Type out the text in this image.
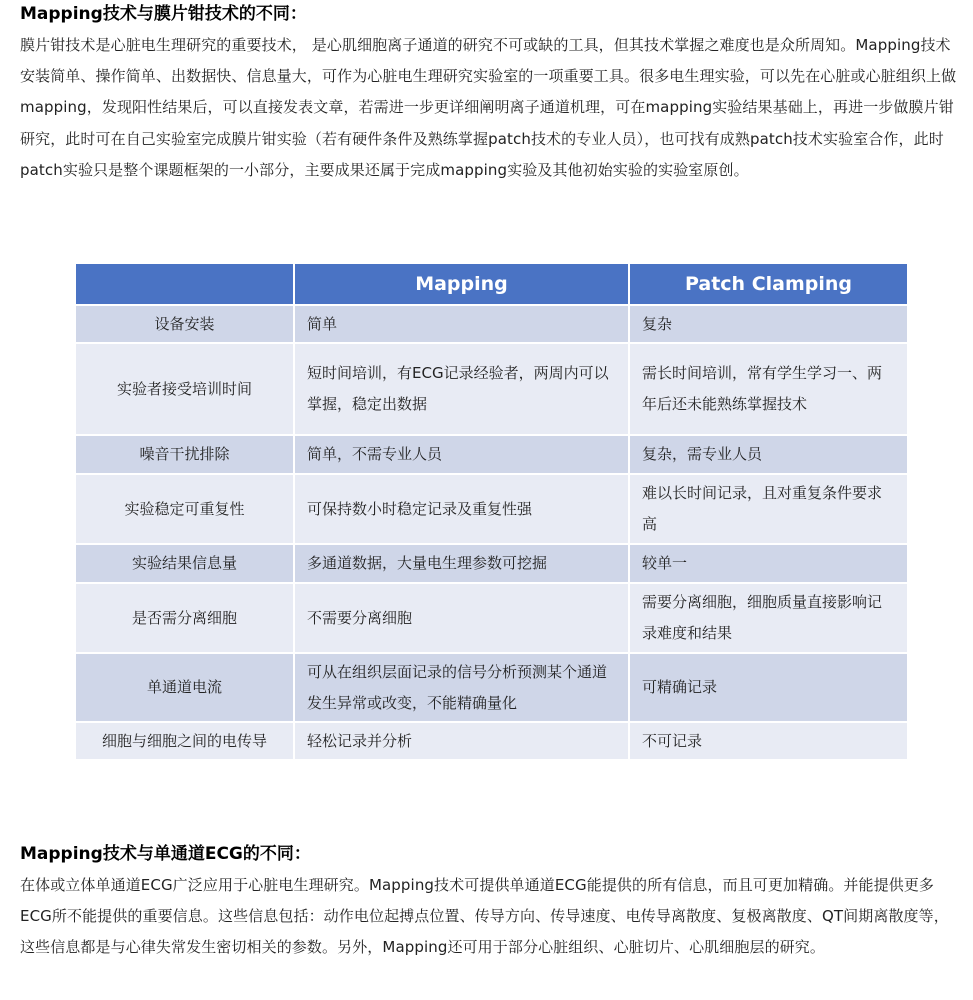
Mapping技术与膜片钳技术的不同：

膜片钳技术是心脏电生理研究的重要技术， 是心肌细胞离子通道的研究不可或缺的工具，但其技术掌握之难度也是众所周知。Mapping技术安装简单、操作简单、出数据快、信息量大，可作为心脏电生理研究实验室的一项重要工具。很多电生理实验，可以先在心脏或心脏组织上做mapping，发现阳性结果后，可以直接发表文章，若需进一步更详细阐明离子通道机理，可在mapping实验结果基础上，再进一步做膜片钳研究，此时可在自己实验室完成膜片钳实验（若有硬件条件及熟练掌握patch技术的专业人员），也可找有成熟patch技术实验室合作，此时patch实验只是整个课题框架的一小部分，主要成果还属于完成mapping实验及其他初始实验的实验室原创。

	Mapping	Patch Clamping
设备安装	简单	复杂
实验者接受培训时间	短时间培训，有ECG记录经验者，两周内可以掌握，稳定出数据	需长时间培训，常有学生学习一、两年后还未能熟练掌握技术
噪音干扰排除	简单，不需专业人员	复杂，需专业人员
实验稳定可重复性	可保持数小时稳定记录及重复性强	难以长时间记录，且对重复条件要求高
实验结果信息量	多通道数据，大量电生理参数可挖掘	较单一
是否需分离细胞	不需要分离细胞	需要分离细胞，细胞质量直接影响记录难度和结果
单通道电流	可从在组织层面记录的信号分析预测某个通道发生异常或改变，不能精确量化	可精确记录
细胞与细胞之间的电传导	轻松记录并分析	不可记录
Mapping技术与单通道ECG的不同：

在体或立体单通道ECG广泛应用于心脏电生理研究。Mapping技术可提供单通道ECG能提供的所有信息，而且可更加精确。并能提供更多ECG所不能提供的重要信息。这些信息包括：动作电位起搏点位置、传导方向、传导速度、电传导离散度、复极离散度、QT间期离散度等，这些信息都是与心律失常发生密切相关的参数。另外，Mapping还可用于部分心脏组织、心脏切片、心肌细胞层的研究。
